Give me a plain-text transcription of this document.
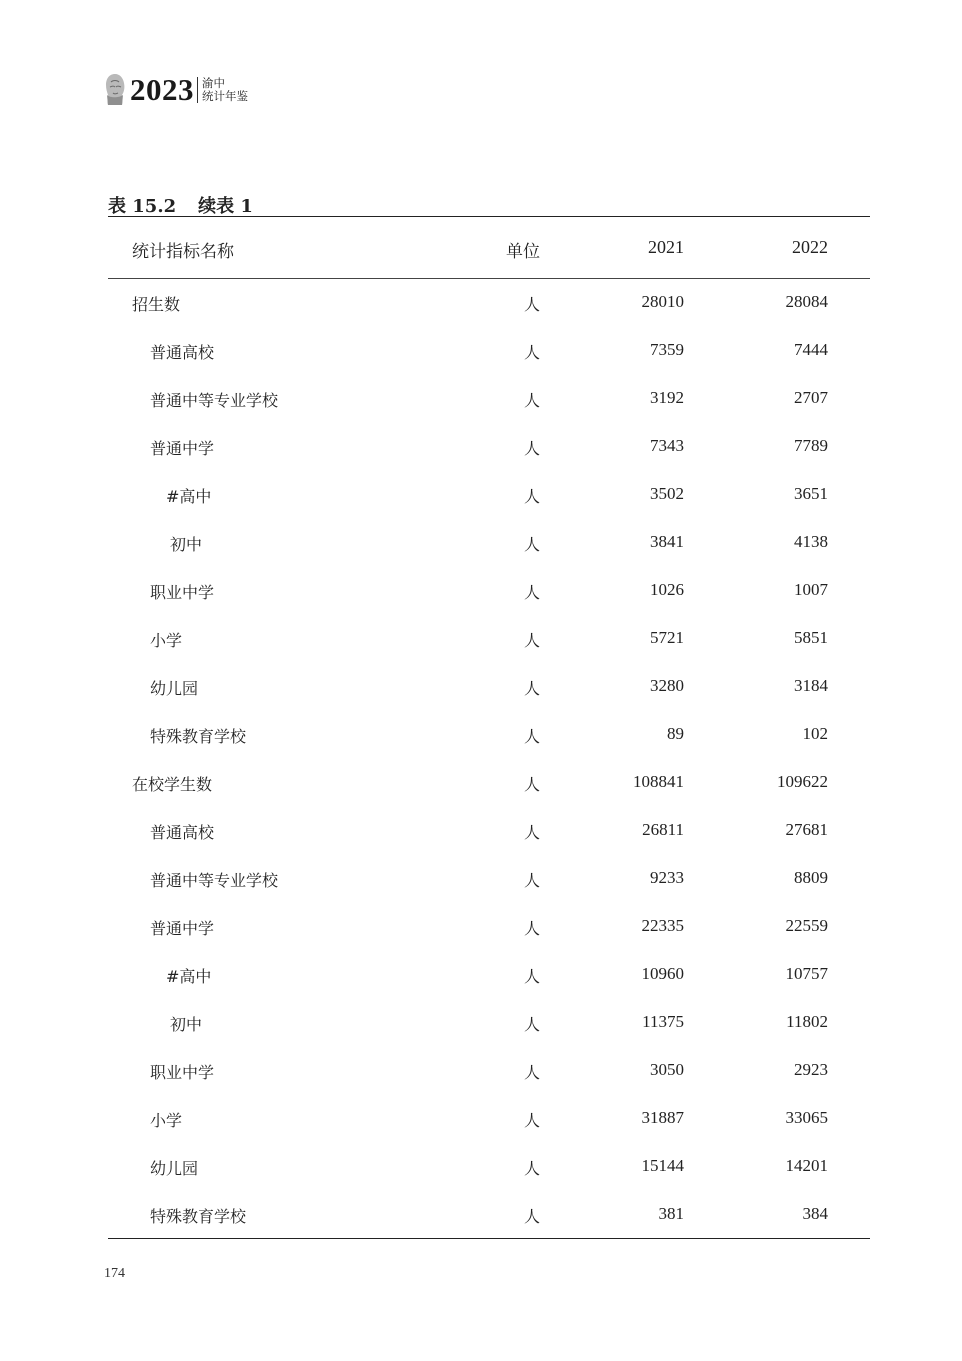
2023 渝中
统计年鉴
表 15.2 续表 1
统计指标名称	单位	2021	2022
招生数	人	28010	28084
普通高校	人	7359	7444
普通中等专业学校	人	3192	2707
普通中学	人	7343	7789
#高中	人	3502	3651
初中	人	3841	4138
职业中学	人	1026	1007
小学	人	5721	5851
幼儿园	人	3280	3184
特殊教育学校	人	89	102
在校学生数	人	108841	109622
普通高校	人	26811	27681
普通中等专业学校	人	9233	8809
普通中学	人	22335	22559
#高中	人	10960	10757
初中	人	11375	11802
职业中学	人	3050	2923
小学	人	31887	33065
幼儿园	人	15144	14201
特殊教育学校	人	381	384
174
